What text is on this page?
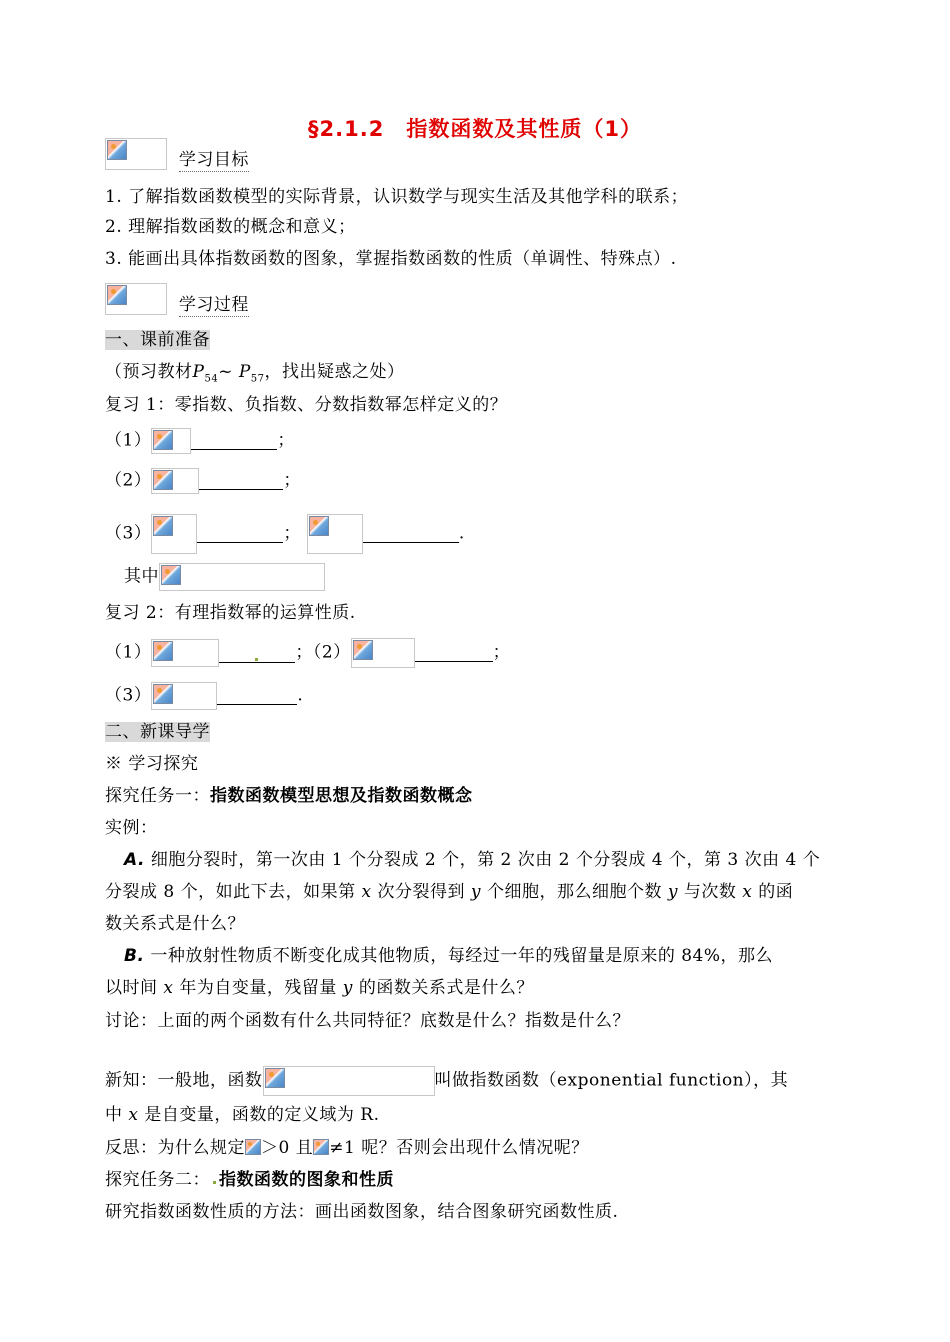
§2.1.2　指数函数及其性质（1）
学习目标
1. 了解指数函数模型的实际背景，认识数学与现实生活及其他学科的联系；
2. 理解指数函数的概念和意义；
3. 能画出具体指数函数的图象，掌握指数函数的性质（单调性、特殊点）.
学习过程
一、课前准备
（预习教材$P_{54}\sim$ $P_{57}$，找出疑惑之处）
复习 1：零指数、负指数、分数指数幂怎样定义的？
（1）	；
（2）	；
（3）	；	.
其中
复习 2：有理指数幂的运算性质.
（1）	；（2）	；
（3）	.
二、新课导学
※ 学习探究
探究任务一：指数函数模型思想及指数函数概念
实例：
A. 细胞分裂时，第一次由 1 个分裂成 2 个，第 2 次由 2 个分裂成 4 个，第 3 次由 4 个
分裂成 8 个，如此下去，如果第 x 次分裂得到 y 个细胞，那么细胞个数 y 与次数 x 的函
数关系式是什么？
B. 一种放射性物质不断变化成其他物质，每经过一年的残留量是原来的 84%，那么
以时间 x 年为自变量，残留量 y 的函数关系式是什么？
讨论：上面的两个函数有什么共同特征？底数是什么？指数是什么？
新知：一般地，函数	叫做指数函数（exponential function），其
中 x 是自变量，函数的定义域为 R.
反思：为什么规定 ＞0 且 ≠1 呢？否则会出现什么情况呢？
探究任务二： 指数函数的图象和性质
研究指数函数性质的方法：画出函数图象，结合图象研究函数性质.
